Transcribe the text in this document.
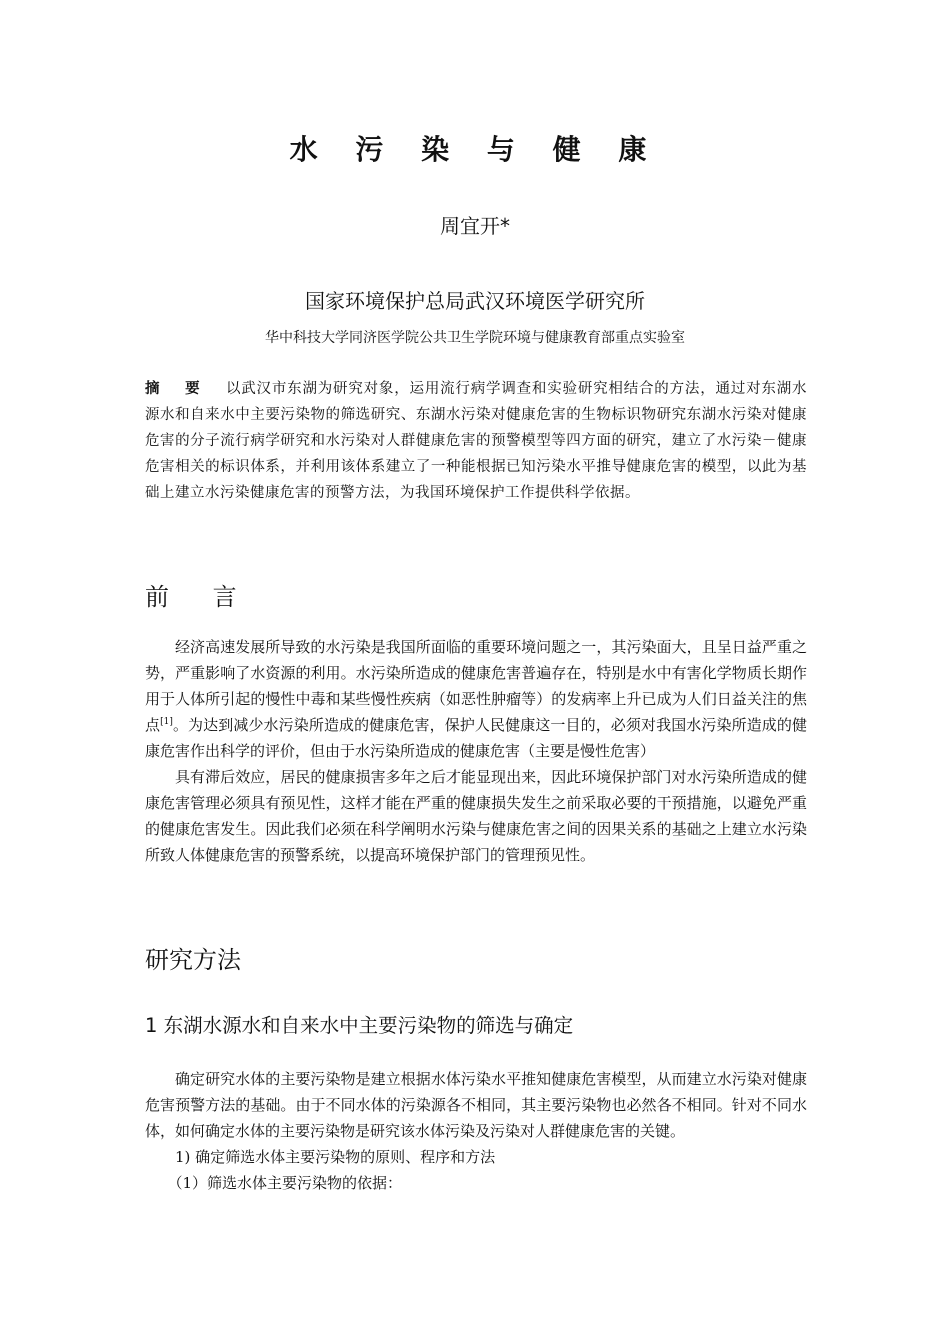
水 污 染 与 健 康
周宜开*
国家环境保护总局武汉环境医学研究所
华中科技大学同济医学院公共卫生学院环境与健康教育部重点实验室
摘 要 以武汉市东湖为研究对象，运用流行病学调查和实验研究相结合的方法，通过对东湖水源水和自来水中主要污染物的筛选研究、东湖水污染对健康危害的生物标识物研究东湖水污染对健康危害的分子流行病学研究和水污染对人群健康危害的预警模型等四方面的研究，建立了水污染－健康危害相关的标识体系，并利用该体系建立了一种能根据已知污染水平推导健康危害的模型，以此为基础上建立水污染健康危害的预警方法，为我国环境保护工作提供科学依据。
前 言

经济高速发展所导致的水污染是我国所面临的重要环境问题之一，其污染面大，且呈日益严重之势，严重影响了水资源的利用。水污染所造成的健康危害普遍存在，特别是水中有害化学物质长期作用于人体所引起的慢性中毒和某些慢性疾病（如恶性肿瘤等）的发病率上升已成为人们日益关注的焦点[1]。为达到减少水污染所造成的健康危害，保护人民健康这一目的，必须对我国水污染所造成的健康危害作出科学的评价，但由于水污染所造成的健康危害（主要是慢性危害）

具有滞后效应，居民的健康损害多年之后才能显现出来，因此环境保护部门对水污染所造成的健康危害管理必须具有预见性，这样才能在严重的健康损失发生之前采取必要的干预措施，以避免严重的健康危害发生。因此我们必须在科学阐明水污染与健康危害之间的因果关系的基础之上建立水污染所致人体健康危害的预警系统，以提高环境保护部门的管理预见性。

研究方法
1 东湖水源水和自来水中主要污染物的筛选与确定

确定研究水体的主要污染物是建立根据水体污染水平推知健康危害模型，从而建立水污染对健康危害预警方法的基础。由于不同水体的污染源各不相同，其主要污染物也必然各不相同。针对不同水体，如何确定水体的主要污染物是研究该水体污染及污染对人群健康危害的关键。

1) 确定筛选水体主要污染物的原则、程序和方法

（1）筛选水体主要污染物的依据：
